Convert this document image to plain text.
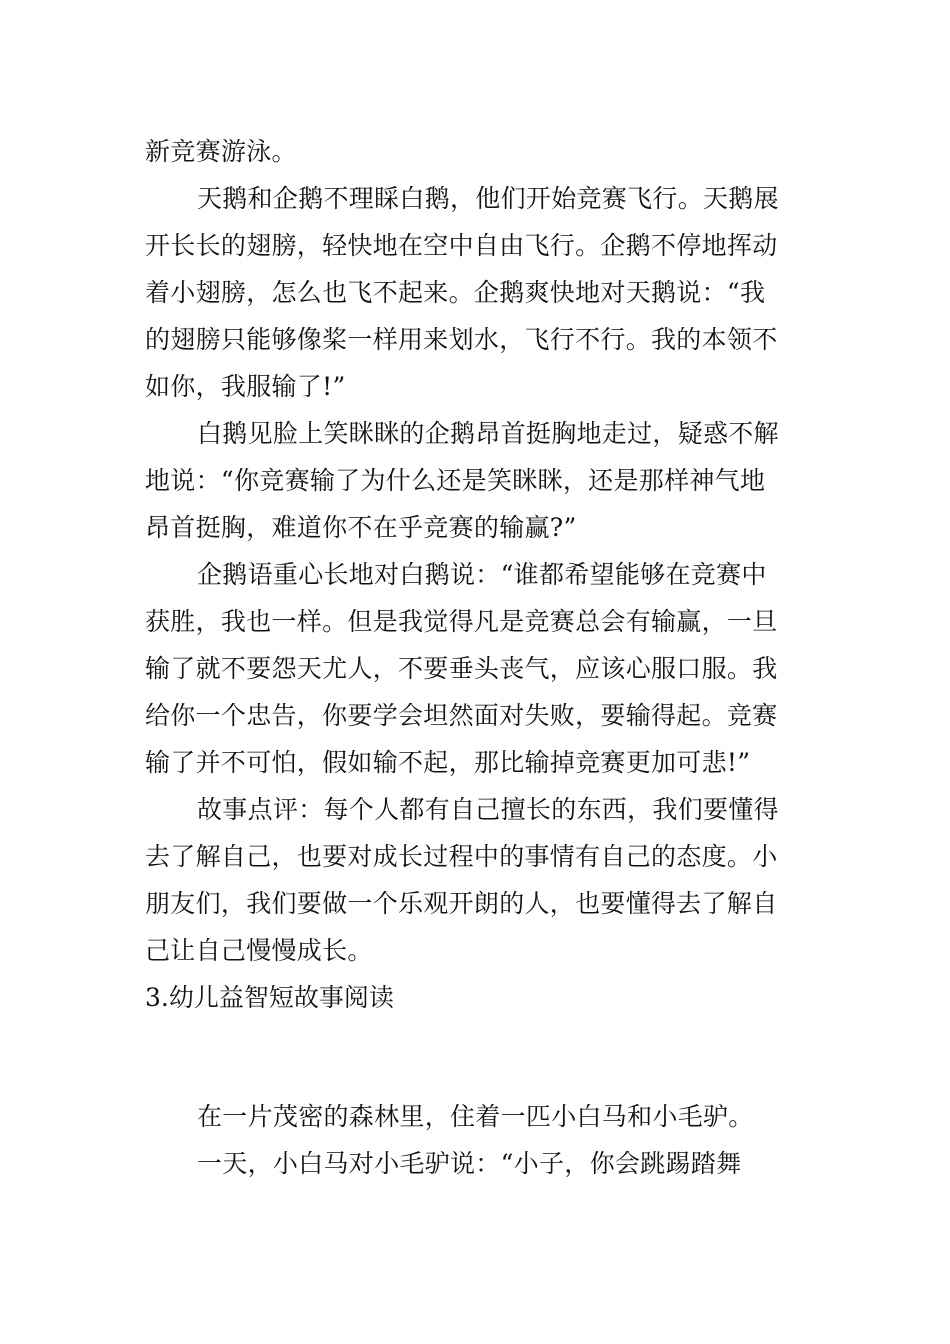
新竞赛游泳。
天鹅和企鹅不理睬白鹅，他们开始竞赛飞行。天鹅展
开长长的翅膀，轻快地在空中自由飞行。企鹅不停地挥动
着小翅膀，怎么也飞不起来。企鹅爽快地对天鹅说：“我
的翅膀只能够像桨一样用来划水，飞行不行。我的本领不
如你，我服输了!”
白鹅见脸上笑眯眯的企鹅昂首挺胸地走过，疑惑不解
地说：“你竞赛输了为什么还是笑眯眯，还是那样神气地
昂首挺胸，难道你不在乎竞赛的输赢?”
企鹅语重心长地对白鹅说：“谁都希望能够在竞赛中
获胜，我也一样。但是我觉得凡是竞赛总会有输赢，一旦
输了就不要怨天尤人，不要垂头丧气，应该心服口服。我
给你一个忠告，你要学会坦然面对失败，要输得起。竞赛
输了并不可怕，假如输不起，那比输掉竞赛更加可悲!”
故事点评：每个人都有自己擅长的东西，我们要懂得
去了解自己，也要对成长过程中的事情有自己的态度。小
朋友们，我们要做一个乐观开朗的人，也要懂得去了解自
己让自己慢慢成长。
3.幼儿益智短故事阅读
在一片茂密的森林里，住着一匹小白马和小毛驴。
一天，小白马对小毛驴说：“小子，你会跳踢踏舞
